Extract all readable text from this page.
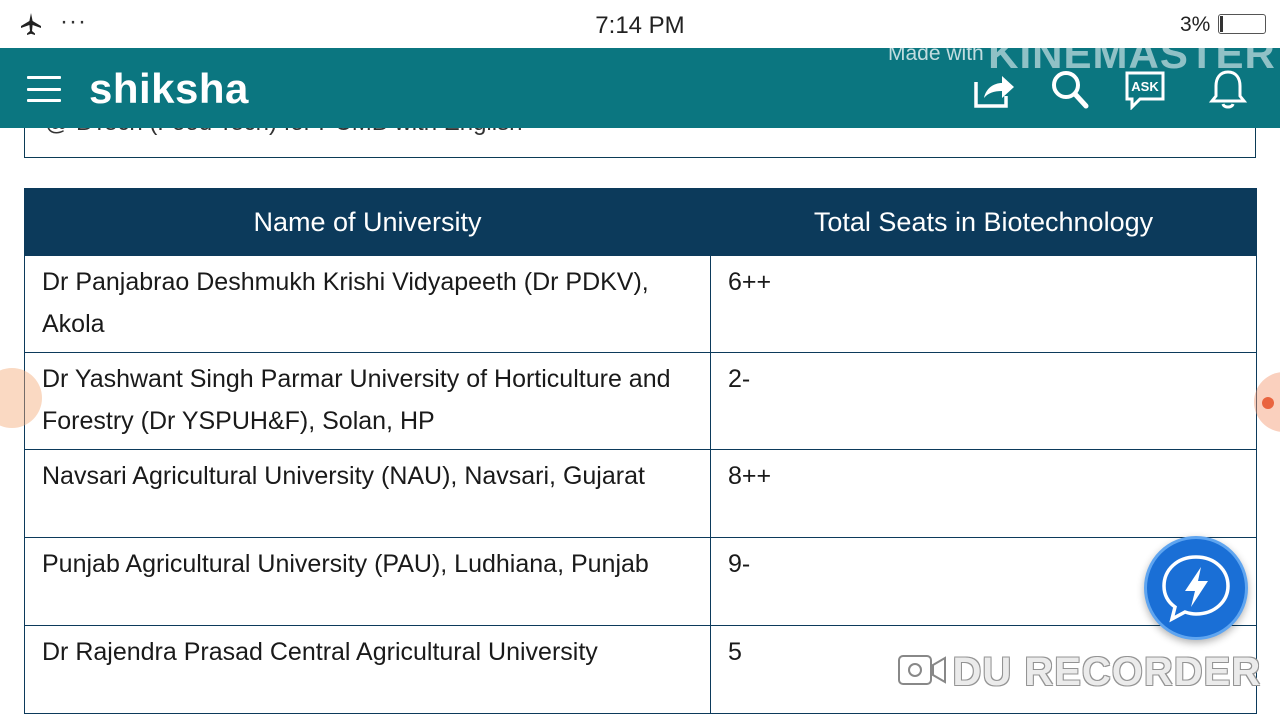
···	7:14 PM	3%
shiksha	ASK
Made with KINEMASTER
Name of University	Total Seats in Biotechnology
Dr Panjabrao Deshmukh Krishi Vidyapeeth (Dr PDKV), Akola	6++
Dr Yashwant Singh Parmar University of Horticulture and Forestry (Dr YSPUH&F), Solan, HP	2-
Navsari Agricultural University (NAU), Navsari, Gujarat	8++
Punjab Agricultural University (PAU), Ludhiana, Punjab	9-
Dr Rajendra Prasad Central Agricultural University	5	DU RECORDER
